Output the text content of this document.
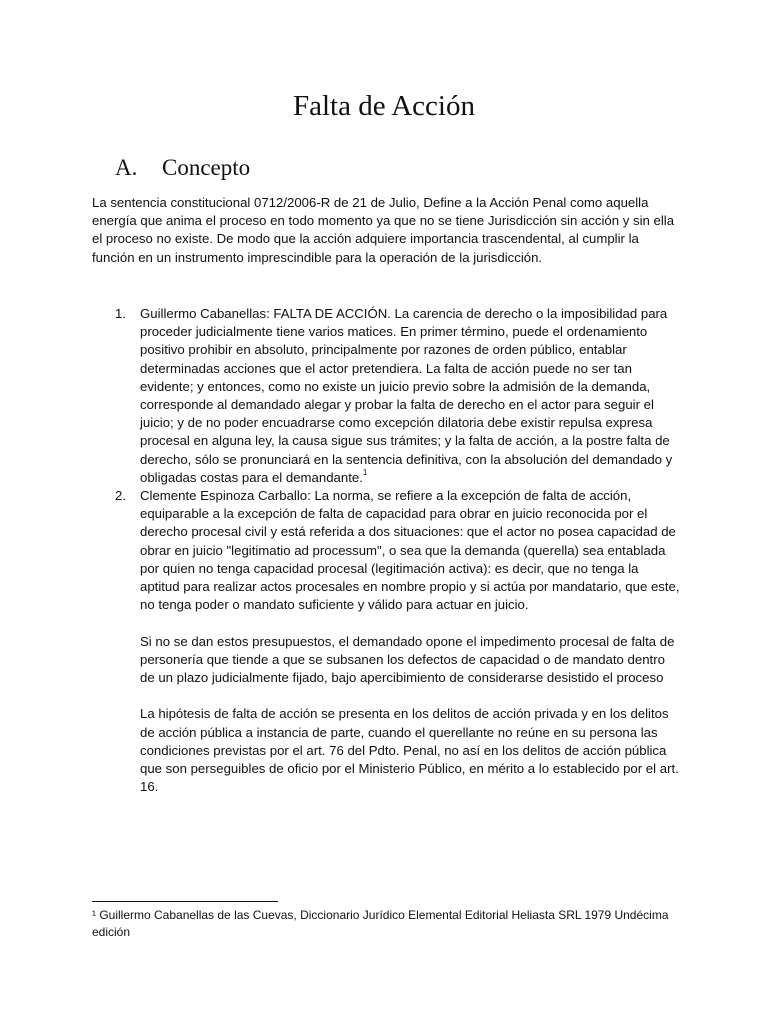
Falta de Acción
A. Concepto

La sentencia constitucional 0712/2006-R de 21 de Julio, Define a la Acción Penal como aquella energía que anima el proceso en todo momento ya que no se tiene Jurisdicción sin acción y sin ella el proceso no existe. De modo que la acción adquiere importancia trascendental, al cumplir la función en un instrumento imprescindible para la operación de la jurisdicción.

1. Guillermo Cabanellas: FALTA DE ACCIÓN. La carencia de derecho o la imposibilidad para proceder judicialmente tiene varios matices. En primer término, puede el ordenamiento positivo prohibir en absoluto, principalmente por razones de orden público, entablar determinadas acciones que el actor pretendiera. La falta de acción puede no ser tan evidente; y entonces, como no existe un juicio previo sobre la admisión de la demanda, corresponde al demandado alegar y probar la falta de derecho en el actor para seguir el juicio; y de no poder encuadrarse como excepción dilatoria debe existir repulsa expresa procesal en alguna ley, la causa sigue sus trámites; y la falta de acción, a la postre falta de derecho, sólo se pronunciará en la sentencia definitiva, con la absolución del demandado y obligadas costas para el demandante.$^1$

2. Clemente Espinoza Carballo: La norma, se refiere a la excepción de falta de acción, equiparable a la excepción de falta de capacidad para obrar en juicio reconocida por el derecho procesal civil y está referida a dos situaciones: que el actor no posea capacidad de obrar en juicio "legitimatio ad processum", o sea que la demanda (querella) sea entablada por quien no tenga capacidad procesal (legitimación activa): es decir, que no tenga la aptitud para realizar actos procesales en nombre propio y si actúa por mandatario, que este, no tenga poder o mandato suficiente y válido para actuar en juicio.

Si no se dan estos presupuestos, el demandado opone el impedimento procesal de falta de personería que tiende a que se subsanen los defectos de capacidad o de mandato dentro de un plazo judicialmente fijado, bajo apercibimiento de considerarse desistido el proceso

La hipótesis de falta de acción se presenta en los delitos de acción privada y en los delitos de acción pública a instancia de parte, cuando el querellante no reúne en su persona las condiciones previstas por el art. 76 del Pdto. Penal, no así en los delitos de acción pública que son perseguibles de oficio por el Ministerio Público, en mérito a lo establecido por el art. 16.

¹ Guillermo Cabanellas de las Cuevas, Diccionario Jurídico Elemental Editorial Heliasta SRL 1979 Undécima edición
